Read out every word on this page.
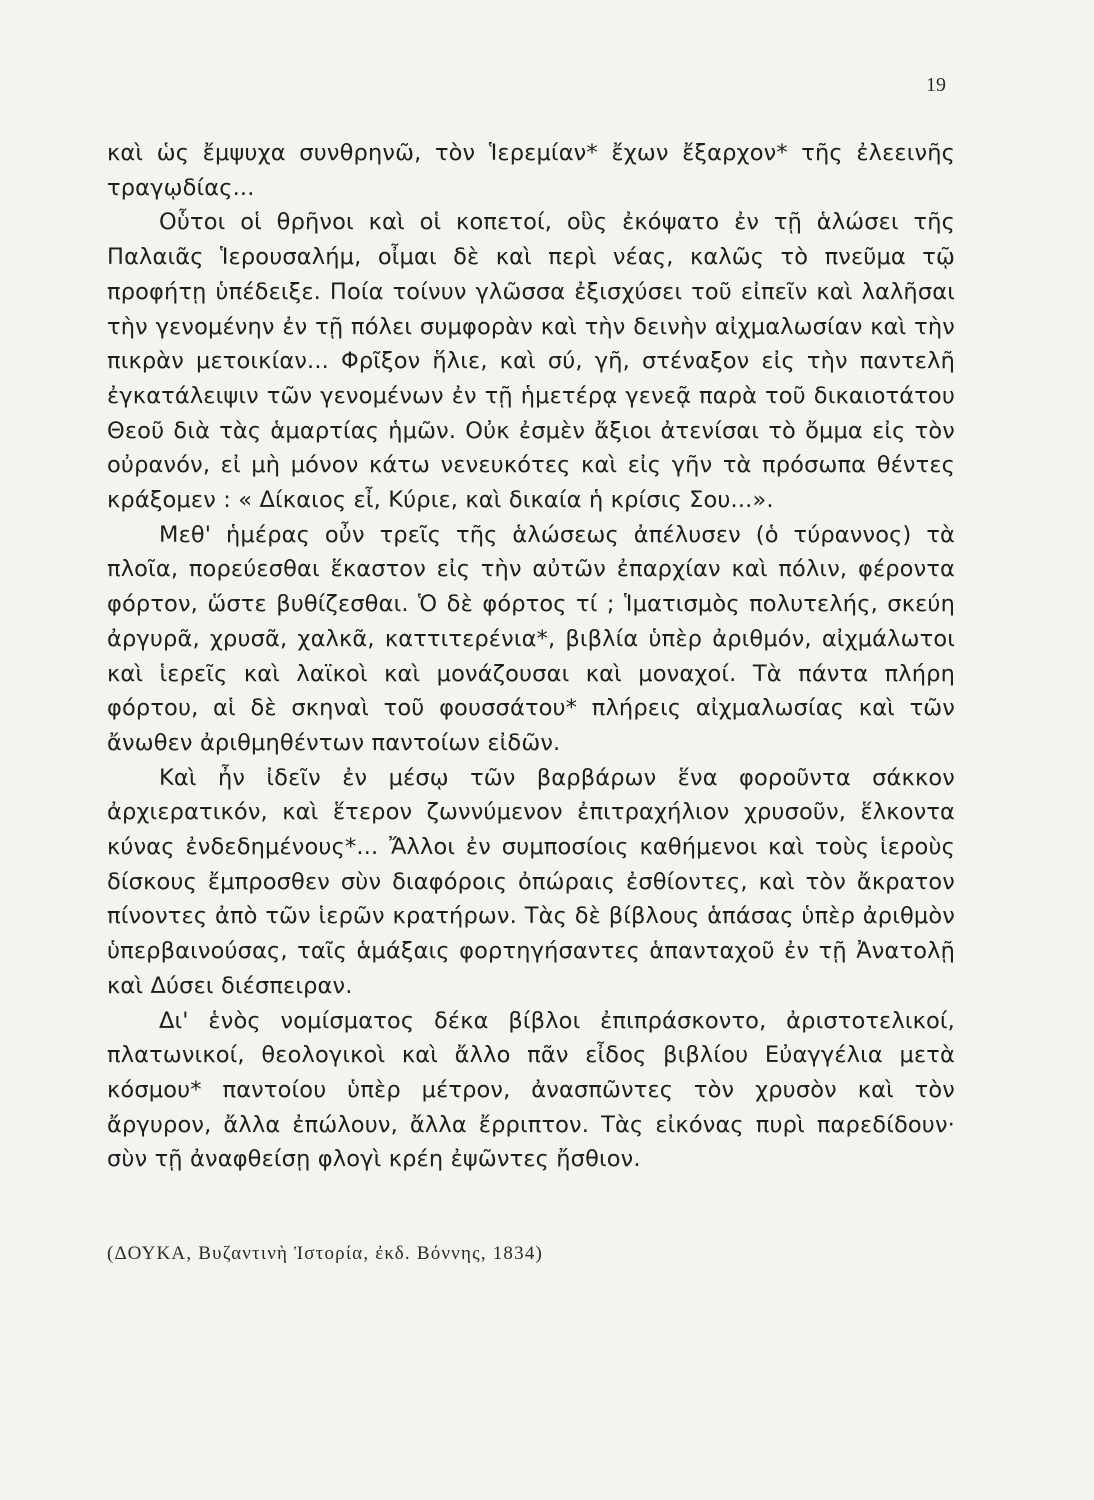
19

καὶ ὡς ἔμψυχα συνθρηνῶ, τὸν Ἱερεμίαν* ἔχων ἔξαρχον* τῆς ἐλεεινῆς τραγῳδίας...

Οὗτοι οἱ θρῆνοι καὶ οἱ κοπετοί, οὓς ἐκόψατο ἐν τῇ ἁλώσει τῆς Παλαιᾶς Ἱερουσαλήμ, οἶμαι δὲ καὶ περὶ νέας, καλῶς τὸ πνεῦμα τῷ προφήτῃ ὑπέδειξε. Ποία τοίνυν γλῶσσα ἐξισχύσει τοῦ εἰπεῖν καὶ λαλῆσαι τὴν γενομένην ἐν τῇ πόλει συμφορὰν καὶ τὴν δεινὴν αἰχμαλωσίαν καὶ τὴν πικρὰν μετοικίαν... Φρῖξον ἥλιε, καὶ σύ, γῆ, στέναξον εἰς τὴν παντελῆ ἐγκατάλειψιν τῶν γενομένων ἐν τῇ ἡμετέρᾳ γενεᾷ παρὰ τοῦ δικαιοτάτου Θεοῦ διὰ τὰς ἁμαρτίας ἡμῶν. Οὐκ ἐσμὲν ἄξιοι ἀτενίσαι τὸ ὄμμα εἰς τὸν οὐρανόν, εἰ μὴ μόνον κάτω νενευκότες καὶ εἰς γῆν τὰ πρόσωπα θέντες κράξομεν : « Δίκαιος εἶ, Κύριε, καὶ δικαία ἡ κρίσις Σου...».

Μεθ' ἡμέρας οὖν τρεῖς τῆς ἁλώσεως ἀπέλυσεν (ὁ τύραννος) τὰ πλοῖα, πορεύεσθαι ἕκαστον εἰς τὴν αὐτῶν ἐπαρχίαν καὶ πόλιν, φέροντα φόρτον, ὥστε βυθίζεσθαι. Ὁ δὲ φόρτος τί ; Ἱματισμὸς πολυτελής, σκεύη ἀργυρᾶ, χρυσᾶ, χαλκᾶ, καττιτερένια*, βιβλία ὑπὲρ ἀριθμόν, αἰχμάλωτοι καὶ ἱερεῖς καὶ λαϊκοὶ καὶ μονάζουσαι καὶ μοναχοί. Τὰ πάντα πλήρη φόρτου, αἱ δὲ σκηναὶ τοῦ φουσσάτου* πλήρεις αἰχμαλωσίας καὶ τῶν ἄνωθεν ἀριθμηθέντων παντοίων εἰδῶν.

Καὶ ἦν ἰδεῖν ἐν μέσῳ τῶν βαρβάρων ἕνα φοροῦντα σάκκον ἀρχιερατικόν, καὶ ἕτερον ζωννύμενον ἐπιτραχήλιον χρυσοῦν, ἕλκοντα κύνας ἐνδεδημένους*... Ἄλλοι ἐν συμποσίοις καθήμενοι καὶ τοὺς ἱεροὺς δίσκους ἔμπροσθεν σὺν διαφόροις ὀπώραις ἐσθίοντες, καὶ τὸν ἄκρατον πίνοντες ἀπὸ τῶν ἱερῶν κρατήρων. Τὰς δὲ βίβλους ἁπάσας ὑπὲρ ἀριθμὸν ὑπερβαινούσας, ταῖς ἁμάξαις φορτηγήσαντες ἁπανταχοῦ ἐν τῇ Ἀνατολῇ καὶ Δύσει διέσπειραν.

Δι' ἑνὸς νομίσματος δέκα βίβλοι ἐπιπράσκοντο, ἀριστοτελικοί, πλατωνικοί, θεολογικοὶ καὶ ἄλλο πᾶν εἶδος βιβλίου Εὐαγγέλια μετὰ κόσμου* παντοίου ὑπὲρ μέτρον, ἀνασπῶντες τὸν χρυσὸν καὶ τὸν ἄργυρον, ἄλλα ἐπώλουν, ἄλλα ἔρριπτον. Τὰς εἰκόνας πυρὶ παρεδίδουν· σὺν τῇ ἀναφθείσῃ φλογὶ κρέη ἐψῶντες ἤσθιον.

(ΔΟΥΚΑ, Βυζαντινὴ Ἱστορία, ἐκδ. Βόννης, 1834)
